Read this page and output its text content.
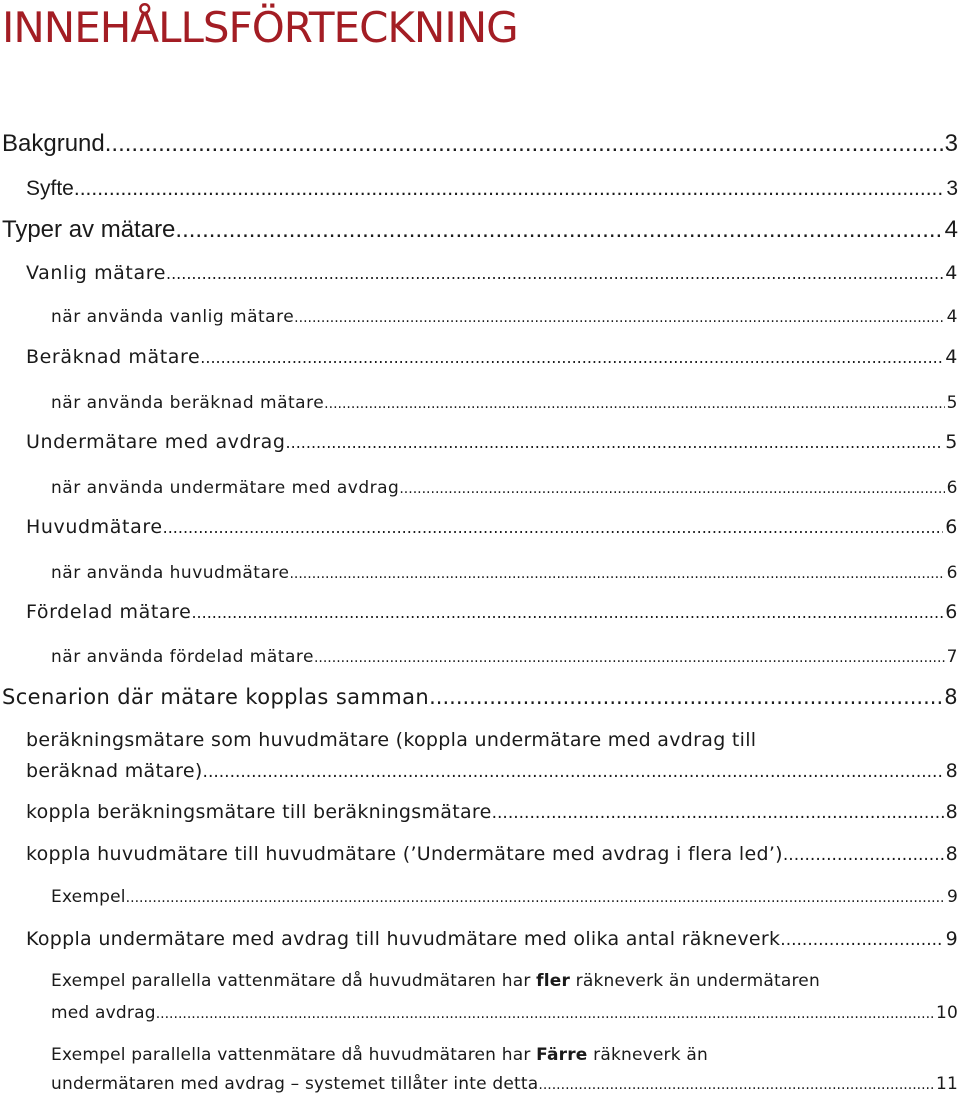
INNEHÅLLSFÖRTECKNING
Bakgrund .....	3
Syfte .....	3
Typer av mätare .....	4
Vanlig mätare .....	4
när använda vanlig mätare .....	4
Beräknad mätare .....	4
när använda beräknad mätare .....	5
Undermätare med avdrag .....	5
när använda undermätare med avdrag .....	6
Huvudmätare .....	6
när använda huvudmätare .....	6
Fördelad mätare .....	6
när använda fördelad mätare .....	7
Scenarion där mätare kopplas samman .....	8
beräkningsmätare som huvudmätare (koppla undermätare med avdrag till
beräknad mätare) .....	8
koppla beräkningsmätare till beräkningsmätare .....	8
koppla huvudmätare till huvudmätare (’Undermätare med avdrag i flera led’) .....	8
Exempel .....	9
Koppla undermätare med avdrag till huvudmätare med olika antal räkneverk .....	9
Exempel parallella vattenmätare då huvudmätaren har fler räkneverk än undermätaren
med avdrag .....	10
Exempel parallella vattenmätare då huvudmätaren har Färre räkneverk än
undermätaren med avdrag – systemet tillåter inte detta .....	11
